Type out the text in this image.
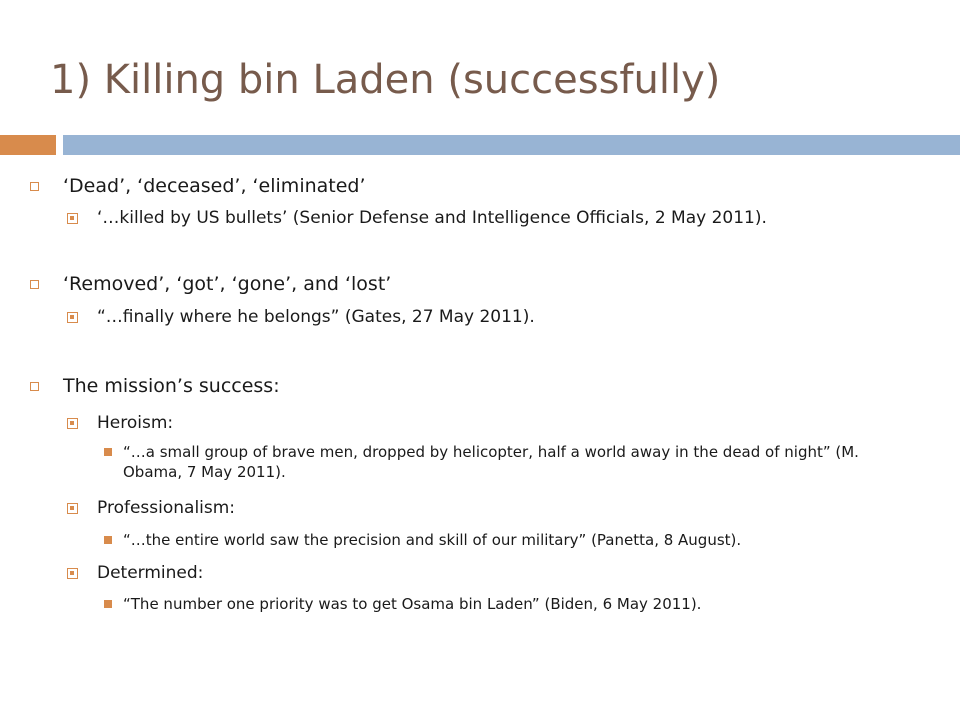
1) Killing bin Laden (successfully)
‘Dead’, ‘deceased’, ‘eliminated’
‘…killed by US bullets’ (Senior Defense and Intelligence Officials, 2 May 2011).
‘Removed’, ‘got’, ‘gone’, and ‘lost’
“…finally where he belongs” (Gates, 27 May 2011).
The mission’s success:
Heroism:
“…a small group of brave men, dropped by helicopter, half a world away in the dead of night” (M. Obama, 7 May 2011).
Professionalism:
“…the entire world saw the precision and skill of our military” (Panetta, 8 August).
Determined:
“The number one priority was to get Osama bin Laden” (Biden, 6 May 2011).
